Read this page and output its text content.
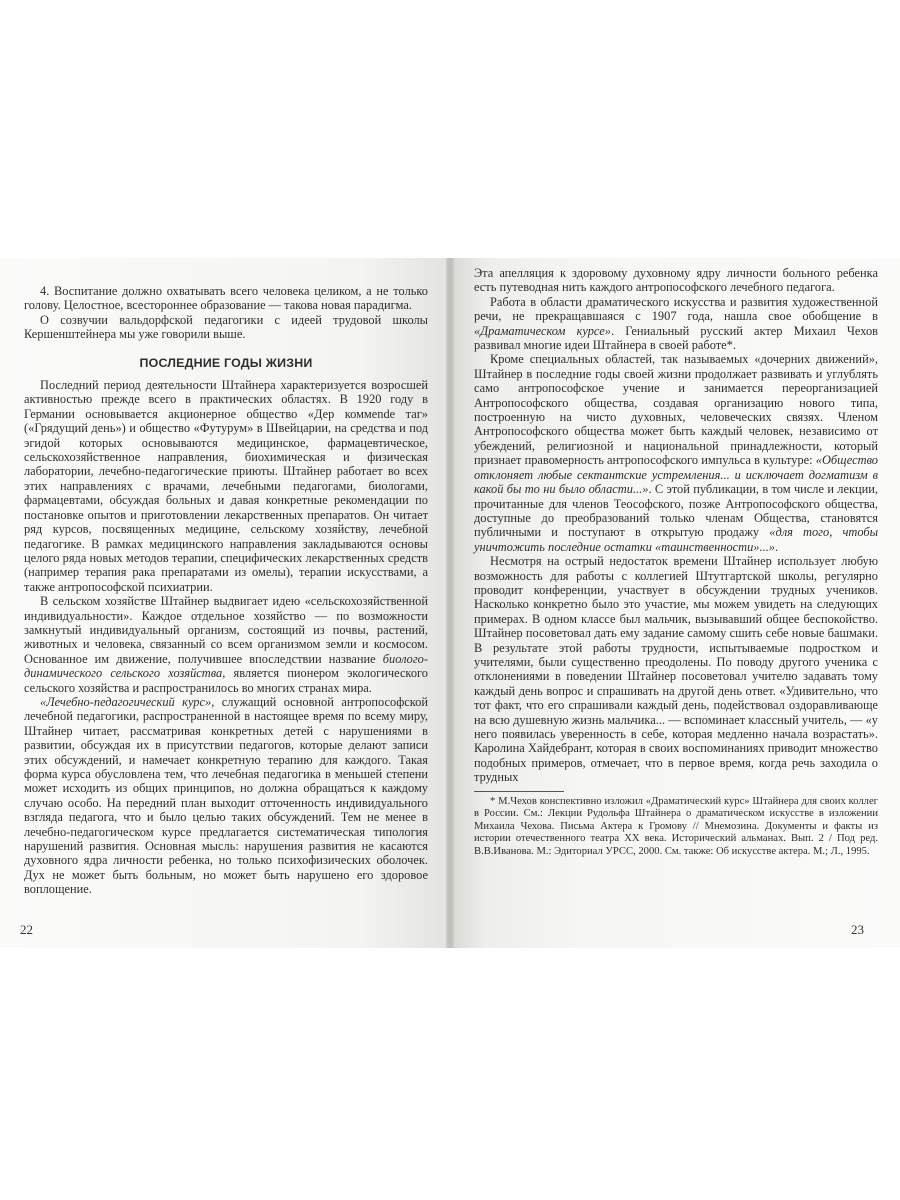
4. Воспитание должно охватывать всего человека целиком, а не только голову. Целостное, всестороннее образование — такова новая парадигма.

О созвучии вальдорфской педагогики с идеей трудовой школы Кершенштейнера мы уже говорили выше.

ПОСЛЕДНИЕ ГОДЫ ЖИЗНИ

Последний период деятельности Штайнера характеризуется возросшей активностью прежде всего в практических областях. В 1920 году в Германии основывается акционерное общество «Дер коммende таг» («Грядущий день») и общество «Футурум» в Швейцарии, на средства и под эгидой которых основываются медицинское, фармацевтическое, сельскохозяйственное направления, биохимическая и физическая лаборатории, лечебно-педагогические приюты. Штайнер работает во всех этих направлениях с врачами, лечебными педагогами, биологами, фармацевтами, обсуждая больных и давая конкретные рекомендации по постановке опытов и приготовлении лекарственных препаратов. Он читает ряд курсов, посвященных медицине, сельскому хозяйству, лечебной педагогике. В рамках медицинского направления закладываются основы целого ряда новых методов терапии, специфических лекарственных средств (например терапия рака препаратами из омелы), терапии искусствами, а также антропософской психиатрии.

В сельском хозяйстве Штайнер выдвигает идею «сельскохозяйственной индивидуальности». Каждое отдельное хозяйство — по возможности замкнутый индивидуальный организм, состоящий из почвы, растений, животных и человека, связанный со всем организмом земли и космосом. Основанное им движение, получившее впоследствии название биолого-динамического сельского хозяйства, является пионером экологического сельского хозяйства и распространилось во многих странах мира.

«Лечебно-педагогический курс», служащий основной антропософской лечебной педагогики, распространенной в настоящее время по всему миру, Штайнер читает, рассматривая конкретных детей с нарушениями в развитии, обсуждая их в присутствии педагогов, которые делают записи этих обсуждений, и намечает конкретную терапию для каждого. Такая форма курса обусловлена тем, что лечебная педагогика в меньшей степени может исходить из общих принципов, но должна обращаться к каждому случаю особо. На передний план выходит отточенность индивидуального взгляда педагога, что и было целью таких обсуждений. Тем не менее в лечебно-педагогическом курсе предлагается систематическая типология нарушений развития. Основная мысль: нарушения развития не касаются духовного ядра личности ребенка, но только психофизических оболочек. Дух не может быть больным, но может быть нарушено его здоровое воплощение.

22

Эта апелляция к здоровому духовному ядру личности больного ребенка есть путеводная нить каждого антропософского лечебного педагога.

Работа в области драматического искусства и развития художественной речи, не прекращавшаяся с 1907 года, нашла свое обобщение в «Драматическом курсе». Гениальный русский актер Михаил Чехов развивал многие идеи Штайнера в своей работе*.

Кроме специальных областей, так называемых «дочерних движений», Штайнер в последние годы своей жизни продолжает развивать и углублять само антропософское учение и занимается переорганизацией Антропософского общества, создавая организацию нового типа, построенную на чисто духовных, человеческих связях. Членом Антропософского общества может быть каждый человек, независимо от убеждений, религиозной и национальной принадлежности, который признает правомерность антропософского импульса в культуре: «Общество отклоняет любые сектантские устремления... и исключает догматизм в какой бы то ни было области...». С этой публикации, в том числе и лекции, прочитанные для членов Теософского, позже Антропософского общества, доступные до преобразований только членам Общества, становятся публичными и поступают в открытую продажу «для того, чтобы уничтожить последние остатки «таинственности»...».

Несмотря на острый недостаток времени Штайнер использует любую возможность для работы с коллегией Штутгартской школы, регулярно проводит конференции, участвует в обсуждении трудных учеников. Насколько конкретно было это участие, мы можем увидеть на следующих примерах. В одном классе был мальчик, вызывавший общее беспокойство. Штайнер посоветовал дать ему задание самому сшить себе новые башмаки. В результате этой работы трудности, испытываемые подростком и учителями, были существенно преодолены. По поводу другого ученика с отклонениями в поведении Штайнер посоветовал учителю задавать тому каждый день вопрос и спрашивать на другой день ответ. «Удивительно, что тот факт, что его спрашивали каждый день, подействовал оздоравливающе на всю душевную жизнь мальчика... — вспоминает классный учитель, — «у него появилась уверенность в себе, которая медленно начала возрастать». Каролина Хайдебрант, которая в своих воспоминаниях приводит множество подобных примеров, отмечает, что в первое время, когда речь заходила о трудных

* М.Чехов конспективно изложил «Драматический курс» Штайнера для своих коллег в России. См.: Лекции Рудольфа Штайнера о драматическом искусстве в изложении Михаила Чехова. Письма Актера к Громову // Мнемозина. Документы и факты из истории отечественного театра XX века. Исторический альманах. Вып. 2 / Под ред. В.В.Иванова. М.: Эдиториал УРСС, 2000. См. также: Об искусстве актера. М.; Л., 1995.

23
